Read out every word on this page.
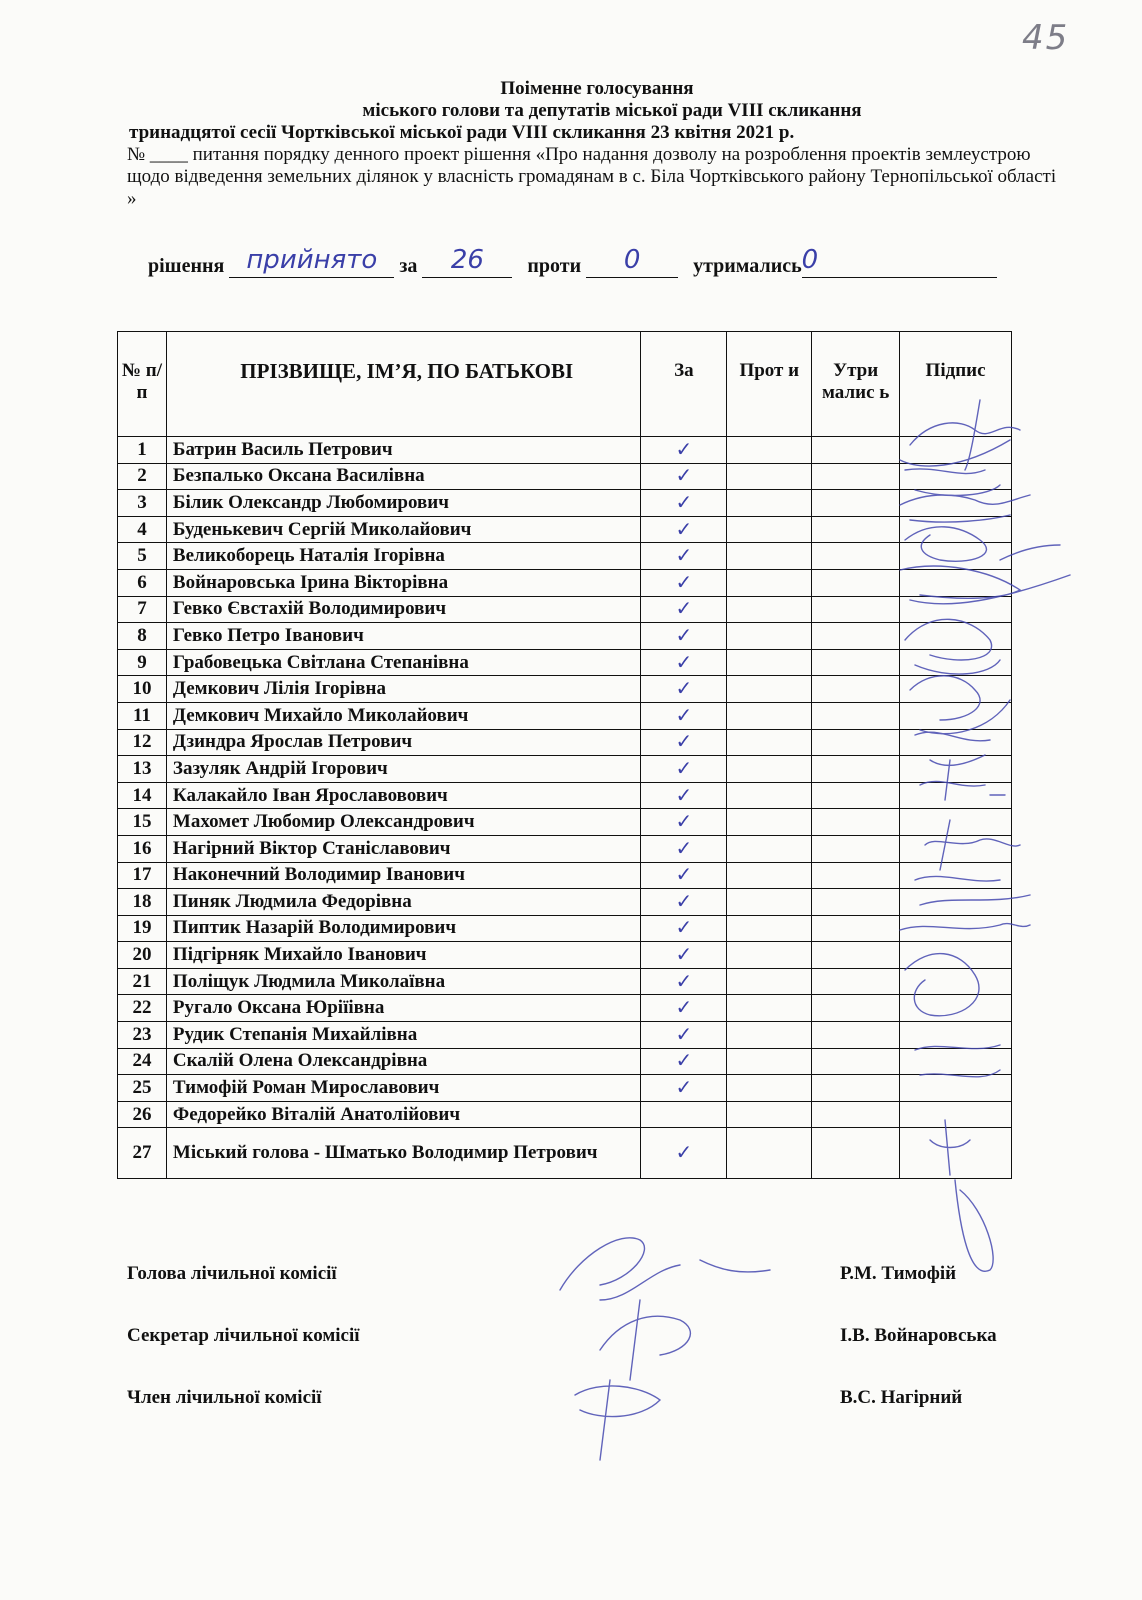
45
Поіменне голосування
міського голови та депутатів міської ради VIII скликання
тринадцятої сесії Чортківської міської ради VIII скликання 23 квітня 2021 р.
№ ____ питання порядку денного проект рішення «Про надання дозволу на розроблення проектів землеустрою щодо відведення земельних ділянок у власність громадянам в с. Біла Чортківського району Тернопільської області »
рішення прийнято за 26 проти 0	утримались0
№ п/п	ПРІЗВИЩЕ, ІМ’Я, ПО БАТЬКОВІ	За	Прот и	Утри малис ь	Підпис
1	Батрин Василь Петрович	✓			
2	Безпалько Оксана Василівна	✓			
3	Білик Олександр Любомирович	✓			
4	Буденькевич Сергій Миколайович	✓			
5	Великоборець Наталія Ігорівна	✓			
6	Войнаровська Ірина Вікторівна	✓			
7	Гевко Євстахій Володимирович	✓			
8	Гевко Петро Іванович	✓			
9	Грабовецька Світлана Степанівна	✓			
10	Демкович Лілія Ігорівна	✓			
11	Демкович Михайло Миколайович	✓			
12	Дзиндра Ярослав Петрович	✓			
13	Зазуляк Андрій Ігорович	✓			
14	Калакайло Іван Ярославовович	✓			
15	Махомет Любомир Олександрович	✓			
16	Нагірний Віктор Станіславович	✓			
17	Наконечний Володимир Іванович	✓			
18	Пиняк Людмила Федорівна	✓			
19	Пиптик Назарій Володимирович	✓			
20	Підгірняк Михайло Іванович	✓			
21	Поліщук Людмила Миколаївна	✓			
22	Ругало Оксана Юріїівна	✓			
23	Рудик Степанія Михайлівна	✓			
24	Скалій Олена Олександрівна	✓			
25	Тимофій Роман Мирославович	✓			
26	Федорейко Віталій Анатолійович				
27	Міський голова - Шматько Володимир Петрович	✓			
Голова лічильної комісії	Р.М. Тимофій
Секретар лічильної комісії	І.В. Войнаровська
Член лічильної комісії	В.С. Нагірний
